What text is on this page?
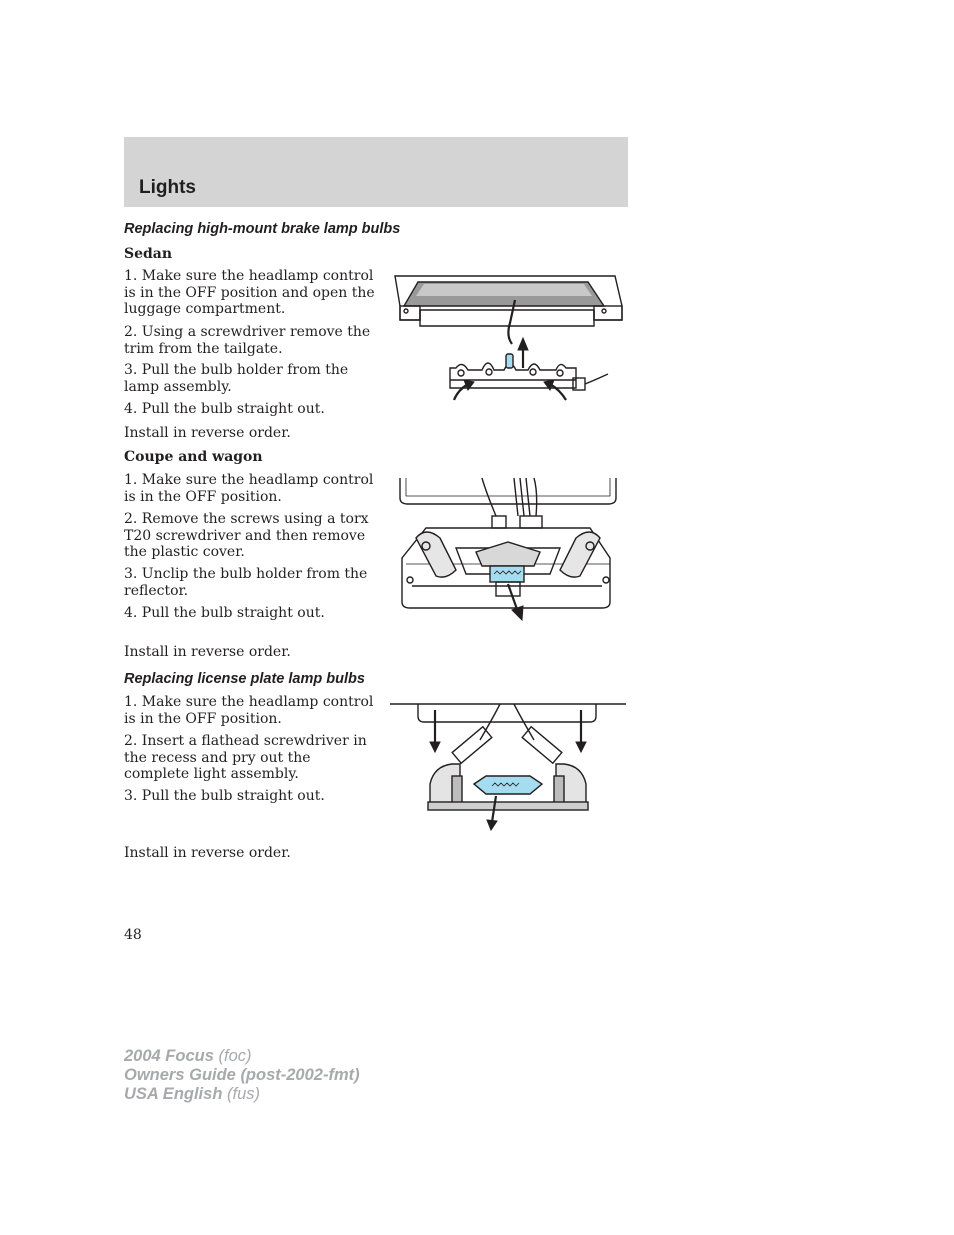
Lights
Replacing high-mount brake lamp bulbs
Sedan
1. Make sure the headlamp control is in the OFF position and open the luggage compartment.
2. Using a screwdriver remove the trim from the tailgate.
3. Pull the bulb holder from the lamp assembly.
4. Pull the bulb straight out.
Install in reverse order.
Coupe and wagon
1. Make sure the headlamp control is in the OFF position.
2. Remove the screws using a torx T20 screwdriver and then remove the plastic cover.
3. Unclip the bulb holder from the reflector.
4. Pull the bulb straight out.
Install in reverse order.
Replacing license plate lamp bulbs
1. Make sure the headlamp control is in the OFF position.
2. Insert a flathead screwdriver in the recess and pry out the complete light assembly.
3. Pull the bulb straight out.
Install in reverse order.
48
2004 Focus (foc)
Owners Guide (post-2002-fmt)
USA English (fus)
